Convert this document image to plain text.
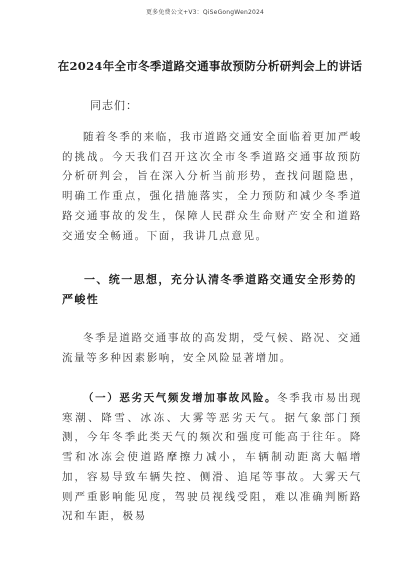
更多免费公文+V3：QiSeGongWen2024
在2024年全市冬季道路交通事故预防分析研判会上的讲话
同志们：

随着冬季的来临，我市道路交通安全面临着更加严峻的挑战。今天我们召开这次全市冬季道路交通事故预防分析研判会，旨在深入分析当前形势，查找问题隐患，明确工作重点，强化措施落实，全力预防和减少冬季道路交通事故的发生，保障人民群众生命财产安全和道路交通安全畅通。下面，我讲几点意见。

一、统一思想，充分认清冬季道路交通安全形势的严峻性

冬季是道路交通事故的高发期，受气候、路况、交通流量等多种因素影响，安全风险显著增加。

（一）恶劣天气频发增加事故风险。冬季我市易出现寒潮、降雪、冰冻、大雾等恶劣天气。据气象部门预测，今年冬季此类天气的频次和强度可能高于往年。降雪和冰冻会使道路摩擦力减小，车辆制动距离大幅增加，容易导致车辆失控、侧滑、追尾等事故。大雾天气则严重影响能见度，驾驶员视线受阻，难以准确判断路况和车距，极易
